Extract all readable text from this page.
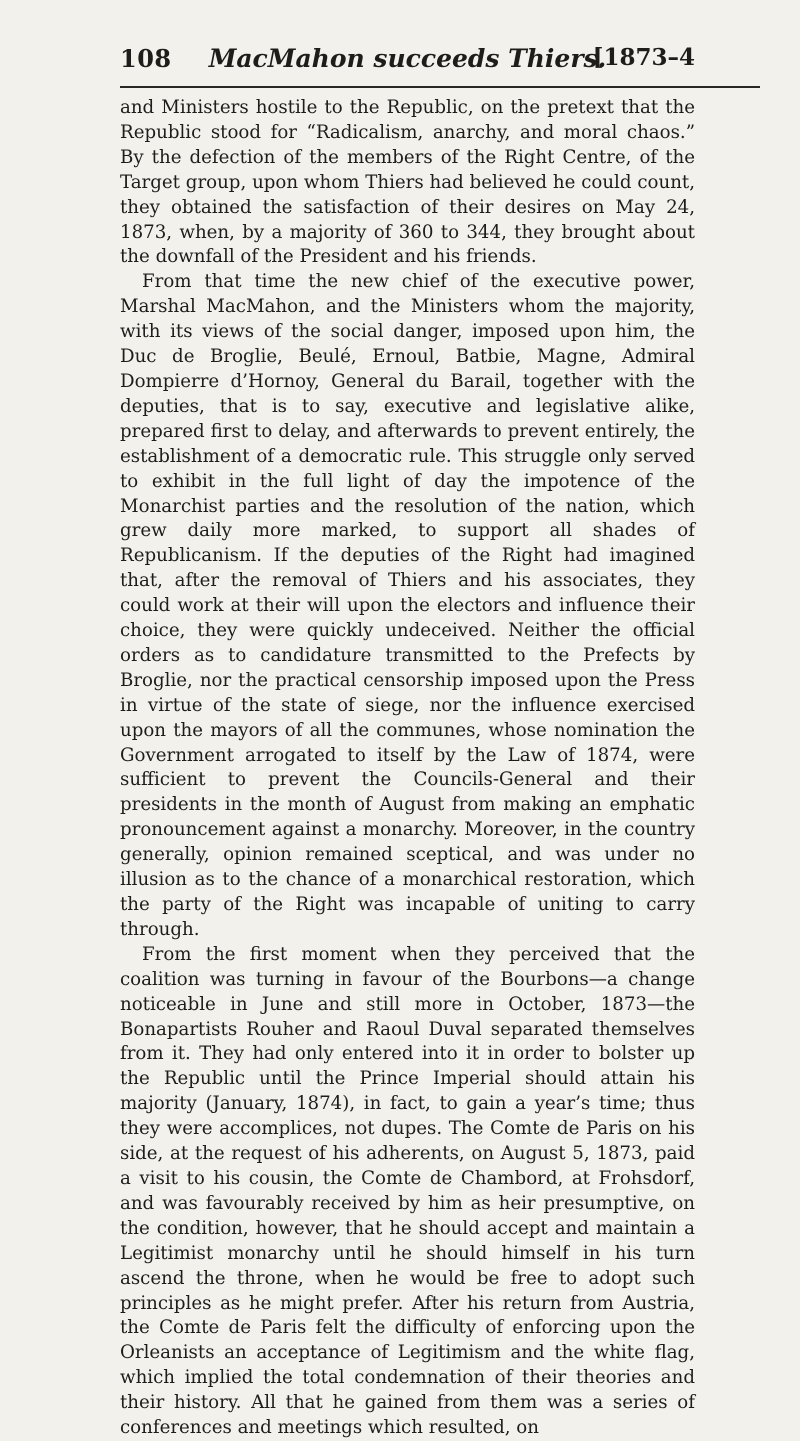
108	MacMahon succeeds Thiers.
[1873–4

and Ministers hostile to the Republic, on the pretext that the Republic stood for “Radicalism, anarchy, and moral chaos.” By the defection of the members of the Right Centre, of the Target group, upon whom Thiers had believed he could count, they obtained the satisfaction of their desires on May 24, 1873, when, by a majority of 360 to 344, they brought about the downfall of the President and his friends.

From that time the new chief of the executive power, Marshal MacMahon, and the Ministers whom the majority, with its views of the social danger, imposed upon him, the Duc de Broglie, Beulé, Ernoul, Batbie, Magne, Admiral Dompierre d’Hornoy, General du Barail, together with the deputies, that is to say, executive and legislative alike, prepared first to delay, and afterwards to prevent entirely, the establishment of a democratic rule. This struggle only served to exhibit in the full light of day the impotence of the Monarchist parties and the resolution of the nation, which grew daily more marked, to support all shades of Republicanism. If the deputies of the Right had imagined that, after the removal of Thiers and his associates, they could work at their will upon the electors and influence their choice, they were quickly undeceived. Neither the official orders as to candidature transmitted to the Prefects by Broglie, nor the practical censorship imposed upon the Press in virtue of the state of siege, nor the influence exercised upon the mayors of all the communes, whose nomination the Government arrogated to itself by the Law of 1874, were sufficient to prevent the Councils-General and their presidents in the month of August from making an emphatic pronouncement against a monarchy. Moreover, in the country generally, opinion remained sceptical, and was under no illusion as to the chance of a monarchical restoration, which the party of the Right was incapable of uniting to carry through.

From the first moment when they perceived that the coalition was turning in favour of the Bourbons—a change noticeable in June and still more in October, 1873—the Bonapartists Rouher and Raoul Duval separated themselves from it. They had only entered into it in order to bolster up the Republic until the Prince Imperial should attain his majority (January, 1874), in fact, to gain a year’s time; thus they were accomplices, not dupes. The Comte de Paris on his side, at the request of his adherents, on August 5, 1873, paid a visit to his cousin, the Comte de Chambord, at Frohsdorf, and was favourably received by him as heir presumptive, on the condition, however, that he should accept and maintain a Legitimist monarchy until he should himself in his turn ascend the throne, when he would be free to adopt such principles as he might prefer. After his return from Austria, the Comte de Paris felt the difficulty of enforcing upon the Orleanists an acceptance of Legitimism and the white flag, which implied the total condemnation of their theories and their history. All that he gained from them was a series of conferences and meetings which resulted, on
